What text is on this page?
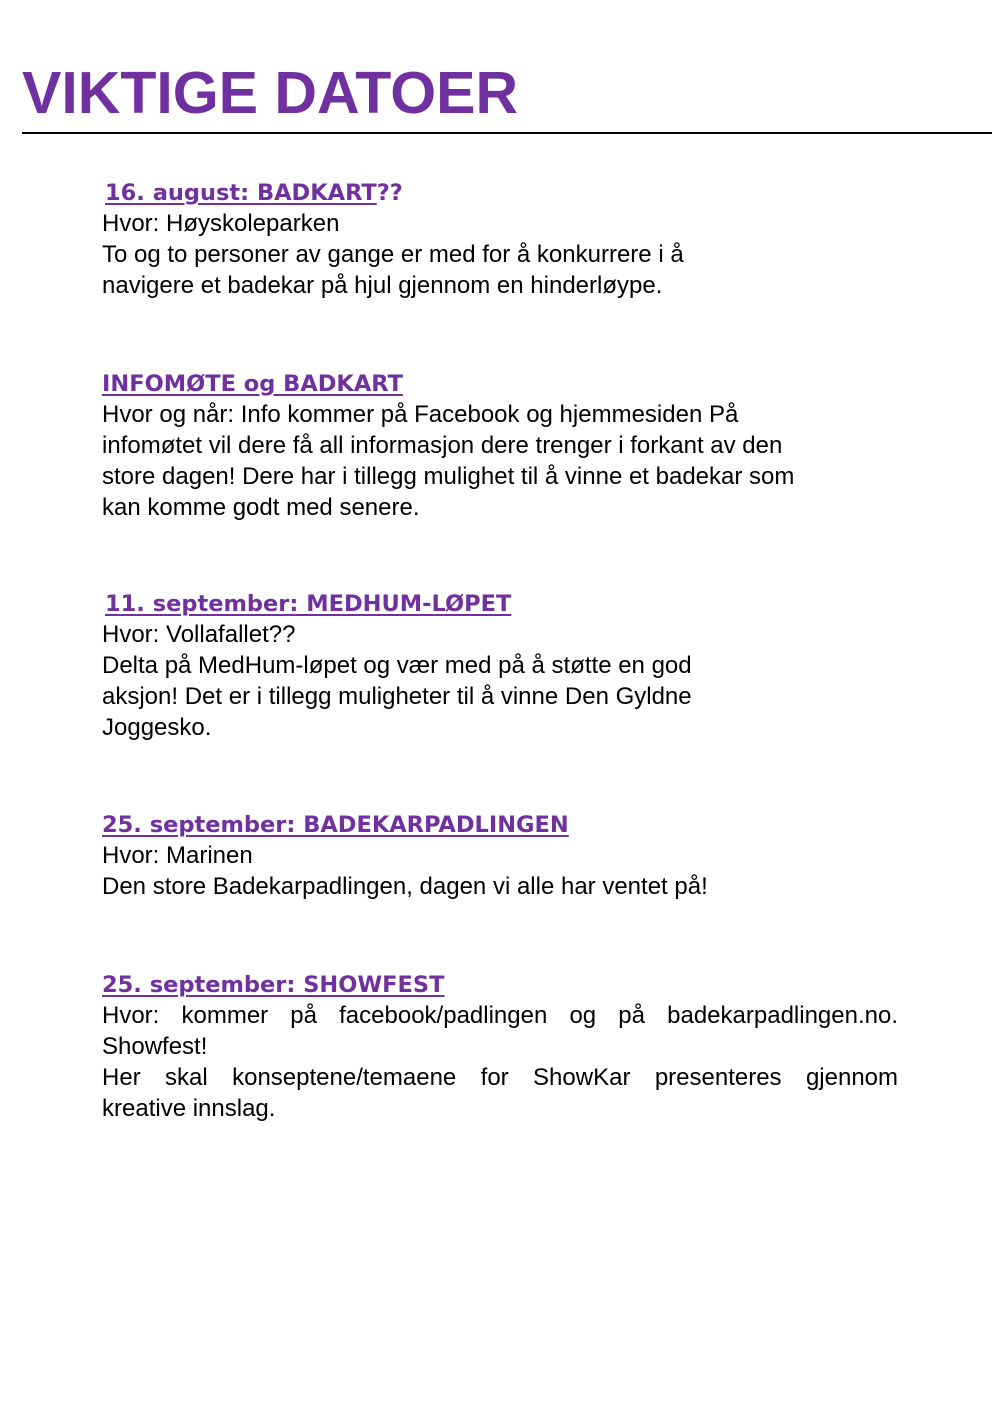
VIKTIGE DATOER
16. august: BADKART??

Hvor: Høyskoleparken

To og to personer av gange er med for å konkurrere i å

navigere et badekar på hjul gjennom en hinderløype.

INFOMØTE og BADKART

Hvor og når: Info kommer på Facebook og hjemmesiden På

infomøtet vil dere få all informasjon dere trenger i forkant av den

store dagen! Dere har i tillegg mulighet til å vinne et badekar som

kan komme godt med senere.

11. september: MEDHUM-LØPET

Hvor: Vollafallet??

Delta på MedHum-løpet og vær med på å støtte en god

aksjon! Det er i tillegg muligheter til å vinne Den Gyldne

Joggesko.

25. september: BADEKARPADLINGEN

Hvor: Marinen

Den store Badekarpadlingen, dagen vi alle har ventet på!

25. september: SHOWFEST

Hvor: kommer på facebook/padlingen og på badekarpadlingen.no.

Showfest!

Her skal konseptene/temaene for ShowKar presenteres gjennom

kreative innslag.
